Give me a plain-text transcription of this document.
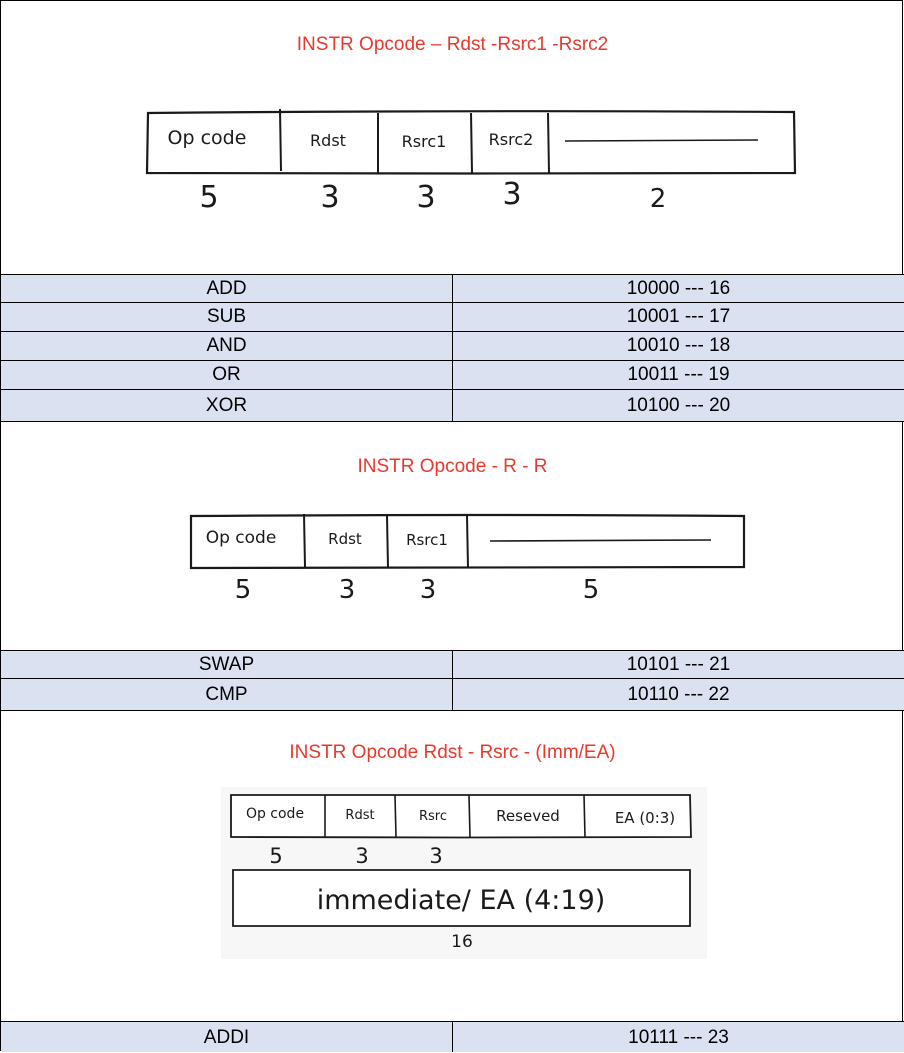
INSTR Opcode – Rdst -Rsrc1 -Rsrc2
Op code	Rdst	Rsrc1	Rsrc2
5	3	3 3	2
ADD	10000 --- 16
SUB	10001 --- 17
AND	10010 --- 18
OR	10011 --- 19
XOR	10100 --- 20
INSTR Opcode - R - R
Op code	Rdst	Rsrc1
5	3 3	5
SWAP	10101 --- 21
CMP	10110 --- 22
INSTR Opcode Rdst - Rsrc - (Imm/EA)
Op code	Rdst	Rsrc	Reseved	EA (0:3)
5	3	3
immediate/ EA (4:19)
16
ADDI	10111 --- 23
